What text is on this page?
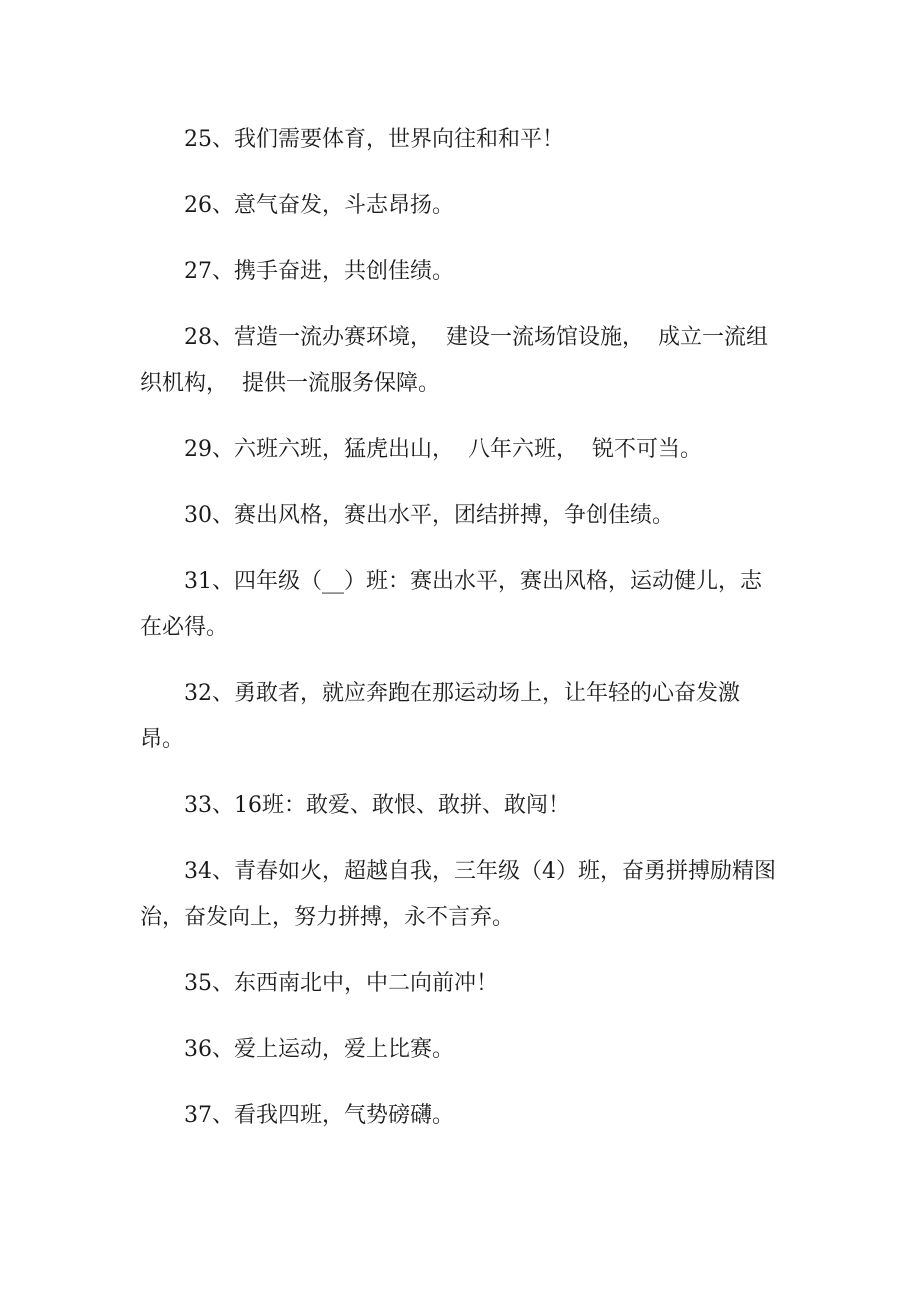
25、我们需要体育，世界向往和和平！

26、意气奋发，斗志昂扬。

27、携手奋进，共创佳绩。

28、营造一流办赛环境，  建设一流场馆设施，  成立一流组织机构，  提供一流服务保障。

29、六班六班，猛虎出山，  八年六班，  锐不可当。

30、赛出风格，赛出水平，团结拼搏，争创佳绩。

31、四年级（__）班：赛出水平，赛出风格，运动健儿，志在必得。

32、勇敢者，就应奔跑在那运动场上，让年轻的心奋发激昂。

33、16班：敢爱、敢恨、敢拼、敢闯！

34、青春如火，超越自我，三年级（4）班，奋勇拼搏励精图治，奋发向上，努力拼搏，永不言弃。

35、东西南北中，中二向前冲！

36、爱上运动，爱上比赛。

37、看我四班，气势磅礴。
